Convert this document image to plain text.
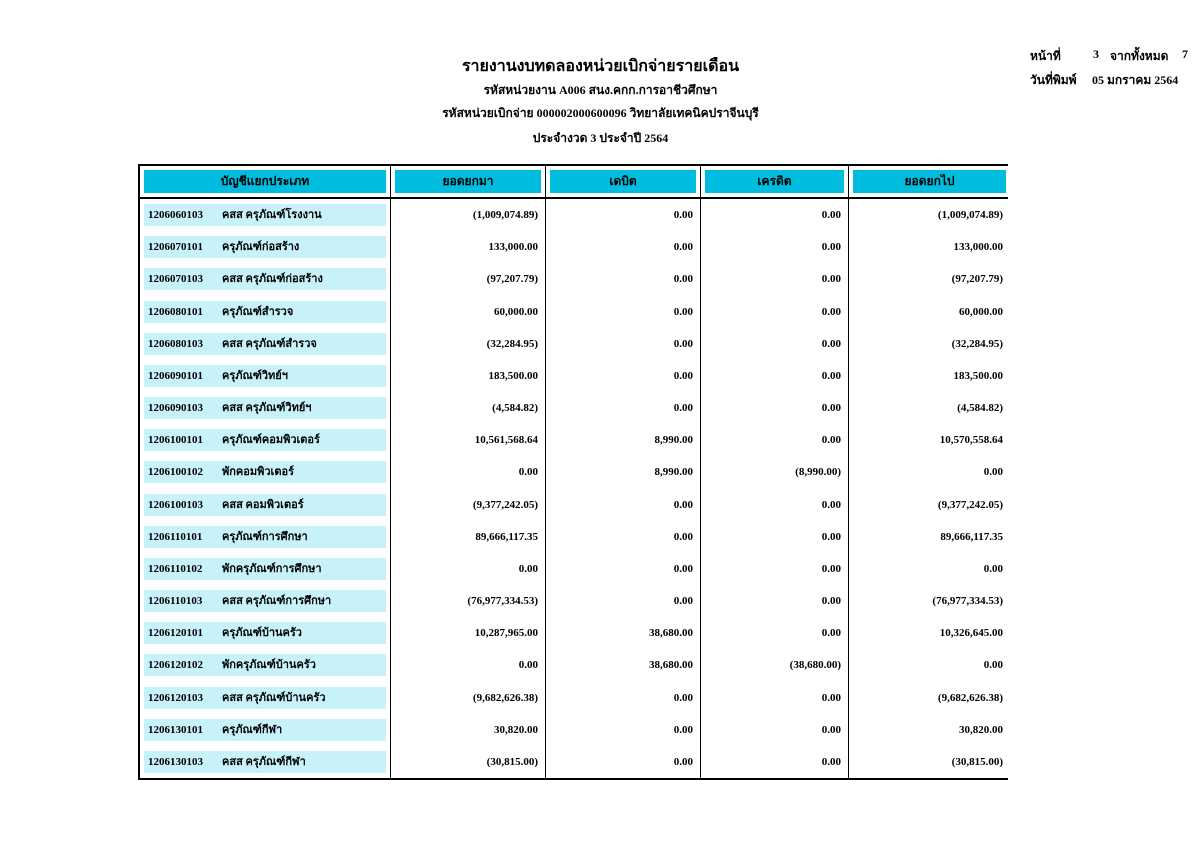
รายงานงบทดลองหน่วยเบิกจ่ายรายเดือน
รหัสหน่วยงาน A006 สนง.คกก.การอาชีวศึกษา
รหัสหน่วยเบิกจ่าย 000002000600096 วิทยาลัยเทคนิคปราจีนบุรี
ประจำงวด 3 ประจำปี 2564
หน้าที่	3 จากทั้งหมด	7
วันที่พิมพ์	05 มกราคม 2564
บัญชีแยกประเภท	ยอดยกมา	เดบิต	เครดิต	ยอดยกไป
1206060103	คสส ครุภัณฑ์โรงงาน	(1,009,074.89)	0.00	0.00	(1,009,074.89)
1206070101	ครุภัณฑ์ก่อสร้าง	133,000.00	0.00	0.00	133,000.00
1206070103	คสส ครุภัณฑ์ก่อสร้าง	(97,207.79)	0.00	0.00	(97,207.79)
1206080101	ครุภัณฑ์สำรวจ	60,000.00	0.00	0.00	60,000.00
1206080103	คสส ครุภัณฑ์สำรวจ	(32,284.95)	0.00	0.00	(32,284.95)
1206090101	ครุภัณฑ์วิทย์ฯ	183,500.00	0.00	0.00	183,500.00
1206090103	คสส ครุภัณฑ์วิทย์ฯ	(4,584.82)	0.00	0.00	(4,584.82)
1206100101	ครุภัณฑ์คอมพิวเตอร์	10,561,568.64	8,990.00	0.00	10,570,558.64
1206100102	พักคอมพิวเตอร์	0.00	8,990.00	(8,990.00)	0.00
1206100103	คสส คอมพิวเตอร์	(9,377,242.05)	0.00	0.00	(9,377,242.05)
1206110101	ครุภัณฑ์การศึกษา	89,666,117.35	0.00	0.00	89,666,117.35
1206110102	พักครุภัณฑ์การศึกษา	0.00	0.00	0.00	0.00
1206110103	คสส ครุภัณฑ์การศึกษา	(76,977,334.53)	0.00	0.00	(76,977,334.53)
1206120101	ครุภัณฑ์บ้านครัว	10,287,965.00	38,680.00	0.00	10,326,645.00
1206120102	พักครุภัณฑ์บ้านครัว	0.00	38,680.00	(38,680.00)	0.00
1206120103	คสส ครุภัณฑ์บ้านครัว	(9,682,626.38)	0.00	0.00	(9,682,626.38)
1206130101	ครุภัณฑ์กีฬา	30,820.00	0.00	0.00	30,820.00
1206130103	คสส ครุภัณฑ์กีฬา	(30,815.00)	0.00	0.00	(30,815.00)
